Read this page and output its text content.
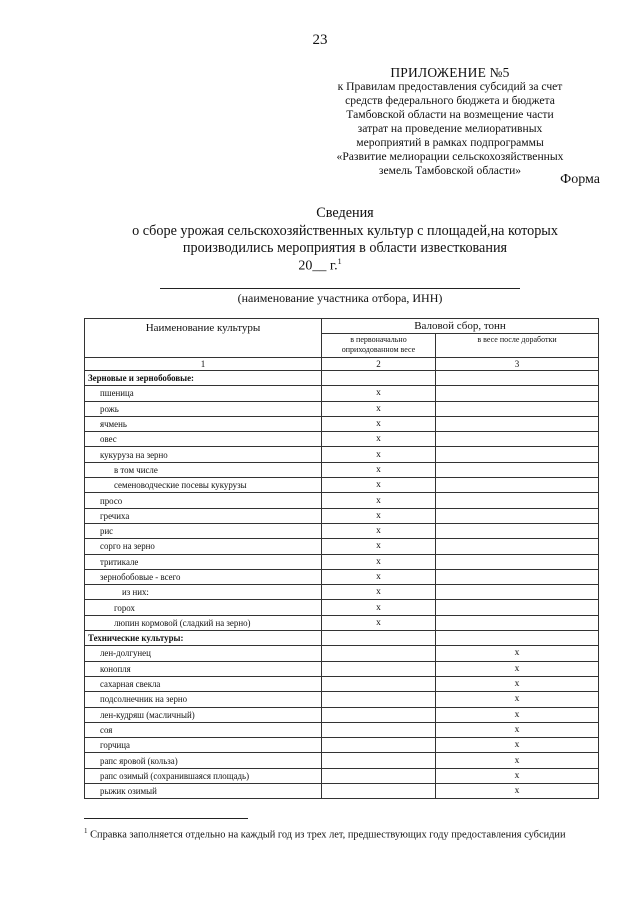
23
ПРИЛОЖЕНИЕ №5
к Правилам предоставления субсидий за счет
средств федерального бюджета и бюджета
Тамбовской области на возмещение части
затрат на проведение мелиоративных
мероприятий в рамках подпрограммы
«Развитие мелиорации сельскохозяйственных
земель Тамбовской области»
Форма
Сведения
о сборе урожая сельскохозяйственных культур с площадей,на которых
производились мероприятия в области известкования
20__ г.$^1$
(наименование участника отбора, ИНН)
Наименование культуры	Валовой сбор, тонн	
	в первоначально оприходованном весе	в весе после доработки
1	2	3
Зерновые и зернобобовые:		
пшеница	х	
рожь	х	
ячмень	х	
овес	х	
кукуруза на зерно	х	
в том числе	х	
семеноводческие посевы кукурузы	х	
просо	х	
гречиха	х	
рис	х	
сорго на зерно	х	
тритикале	х	
зернобобовые - всего	х	
из них:	х	
горох	х	
люпин кормовой (сладкий на зерно)	х	
Технические культуры:		
лен-долгунец		х
конопля		х
сахарная свекла		х
подсолнечник на зерно		х
лен-кудряш (масличный)		х
соя		х
горчица		х
рапс яровой (кольза)		х
рапс озимый (сохранившаяся площадь)		х
рыжик озимый		х
$^1$ Справка заполняется отдельно на каждый год из трех лет, предшествующих году предоставления субсидии
